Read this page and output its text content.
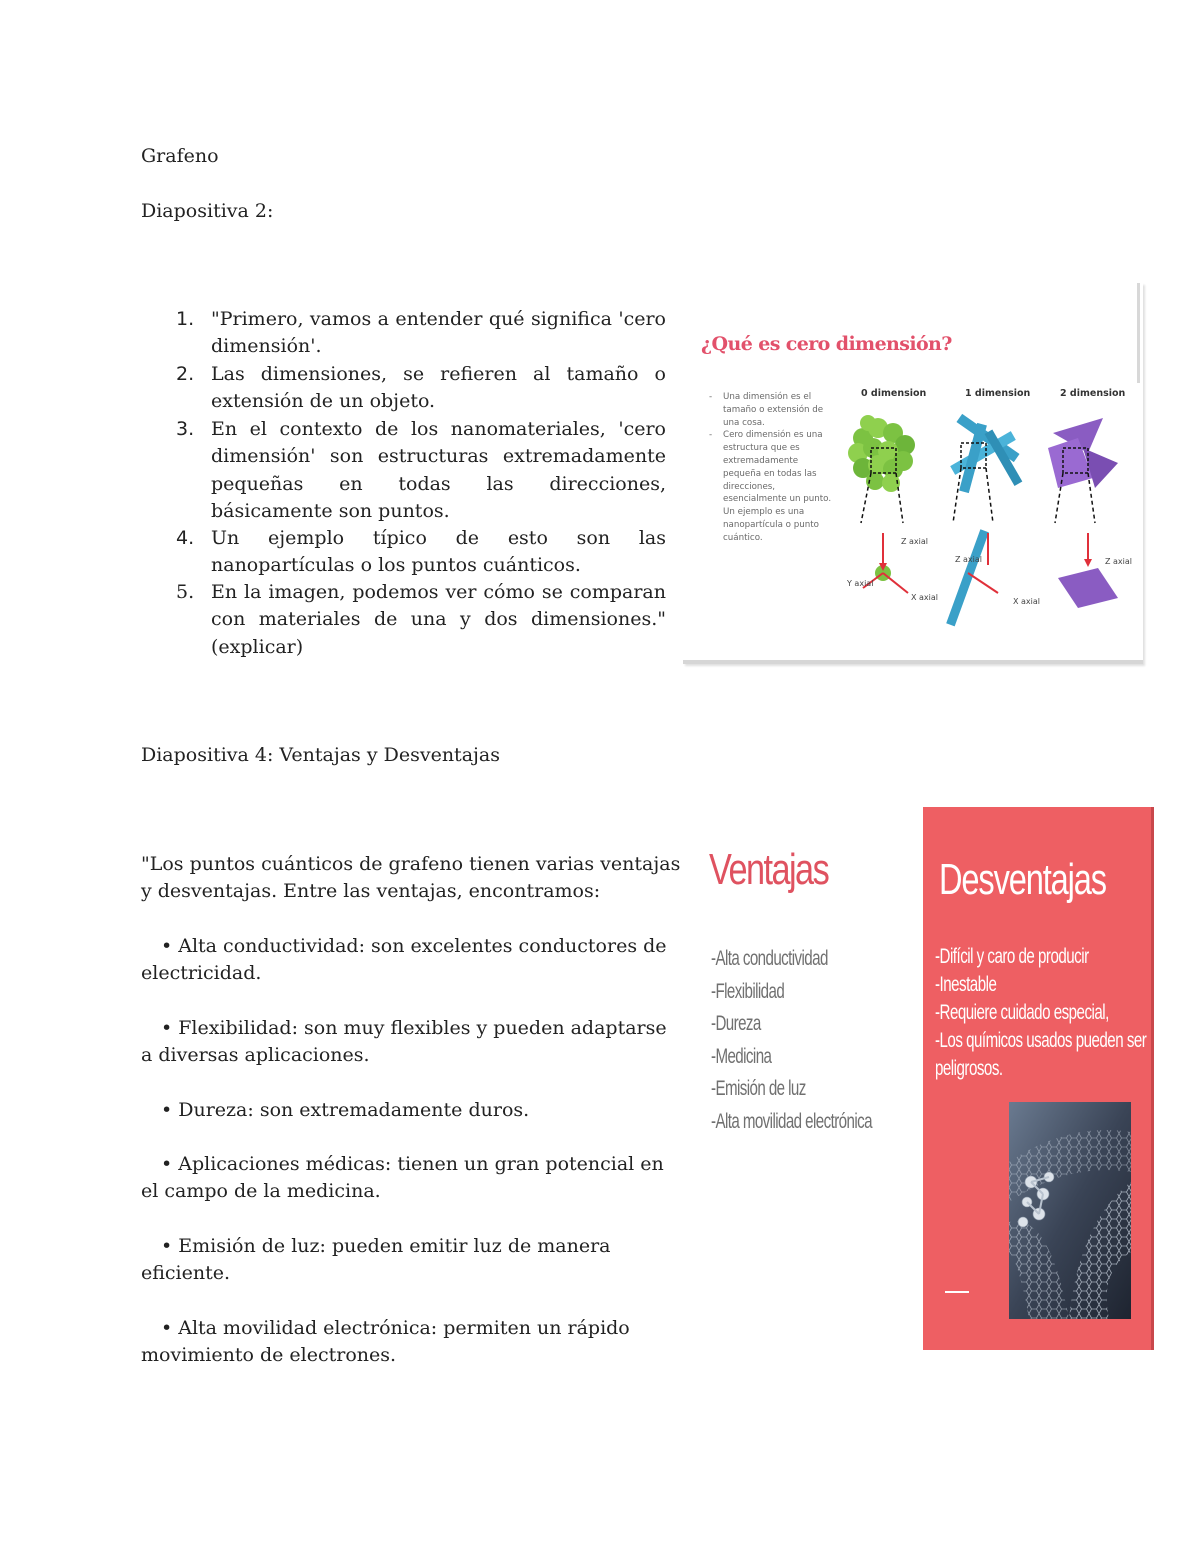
Grafeno
Diapositiva 2:
1. "Primero, vamos a entender qué significa 'cero dimensión'.
2. Las dimensiones, se refieren al tamaño o extensión de un objeto.
3. En el contexto de los nanomateriales, 'cero dimensión' son estructuras extremadamente pequeñas en todas las direcciones, básicamente son puntos.
4. Un ejemplo típico de esto son las nanopartículas o los puntos cuánticos.
5. En la imagen, podemos ver cómo se comparan con materiales de una y dos dimensiones." (explicar)
¿Qué es cero dimensión?
- Una dimensión es el tamaño o extensión de una cosa.
- Cero dimensión es una estructura que es extremadamente pequeña en todas las direcciones, esencialmente un punto. Un ejemplo es una nanopartícula o punto cuántico.
0 dimension	1 dimension	2 dimension
Z axial
Y axial
X axial
Z axial
X axial
Z axial
Diapositiva 4: Ventajas y Desventajas
"Los puntos cuánticos de grafeno tienen varias ventajas y desventajas. Entre las ventajas, encontramos:
• Alta conductividad: son excelentes conductores de electricidad.
• Flexibilidad: son muy flexibles y pueden adaptarse a diversas aplicaciones.
• Dureza: son extremadamente duros.
• Aplicaciones médicas: tienen un gran potencial en el campo de la medicina.
• Emisión de luz: pueden emitir luz de manera eficiente.
• Alta movilidad electrónica: permiten un rápido movimiento de electrones.
Ventajas
-Alta conductividad
-Flexibilidad
-Dureza
-Medicina
-Emisión de luz
-Alta movilidad electrónica
Desventajas
-Difícil y caro de producir
-Inestable
-Requiere cuidado especial,
-Los químicos usados pueden ser
peligrosos.
